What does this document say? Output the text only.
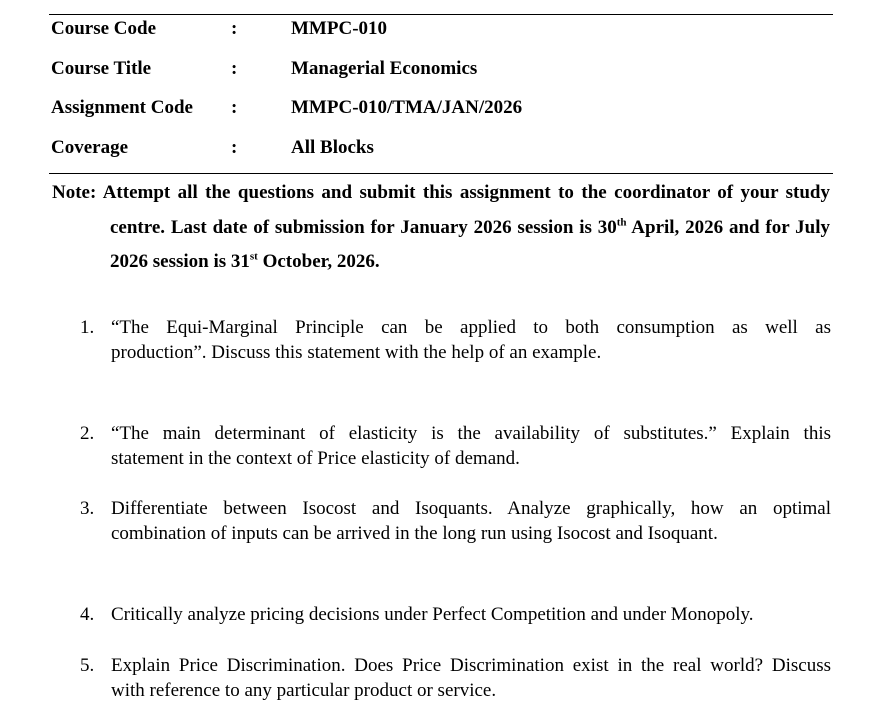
Course Code	:	MMPC-010
Course Title	:	Managerial Economics
Assignment Code :	MMPC-010/TMA/JAN/2026
Coverage	:	All Blocks
Note: Attempt all the questions and submit this assignment to the coordinator of your study
centre. Last date of submission for January 2026 session is 30th April, 2026 and for July
2026 session is 31st October, 2026.
1. “The Equi-Marginal Principle can be applied to both consumption as well as
production”. Discuss this statement with the help of an example.
2. “The main determinant of elasticity is the availability of substitutes.” Explain this
statement in the context of Price elasticity of demand.
3. Differentiate between Isocost and Isoquants. Analyze graphically, how an optimal
combination of inputs can be arrived in the long run using Isocost and Isoquant.
4. Critically analyze pricing decisions under Perfect Competition and under Monopoly.
5. Explain Price Discrimination. Does Price Discrimination exist in the real world? Discuss
with reference to any particular product or service.
